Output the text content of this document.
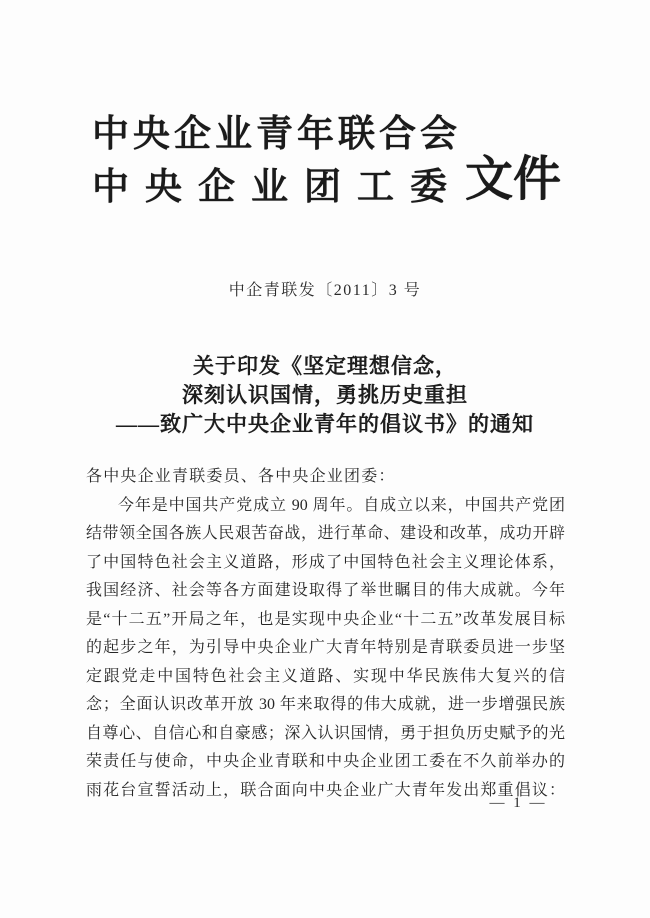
中央企业青年联合会
中央企业团工委 文件
中企青联发〔2011〕3 号
关于印发《坚定理想信念，
深刻认识国情，勇挑历史重担
——致广大中央企业青年的倡议书》的通知
各中央企业青联委员、各中央企业团委：
今年是中国共产党成立 90 周年。自成立以来，中国共产党团
结带领全国各族人民艰苦奋战，进行革命、建设和改革，成功开辟
了中国特色社会主义道路，形成了中国特色社会主义理论体系，
我国经济、社会等各方面建设取得了举世瞩目的伟大成就。今年
是“十二五”开局之年，也是实现中央企业“十二五”改革发展目标
的起步之年，为引导中央企业广大青年特别是青联委员进一步坚
定跟党走中国特色社会主义道路、实现中华民族伟大复兴的信
念；全面认识改革开放 30 年来取得的伟大成就，进一步增强民族
自尊心、自信心和自豪感；深入认识国情，勇于担负历史赋予的光
荣责任与使命，中央企业青联和中央企业团工委在不久前举办的
雨花台宣誓活动上，联合面向中央企业广大青年发出郑重倡议：
— 1 —
